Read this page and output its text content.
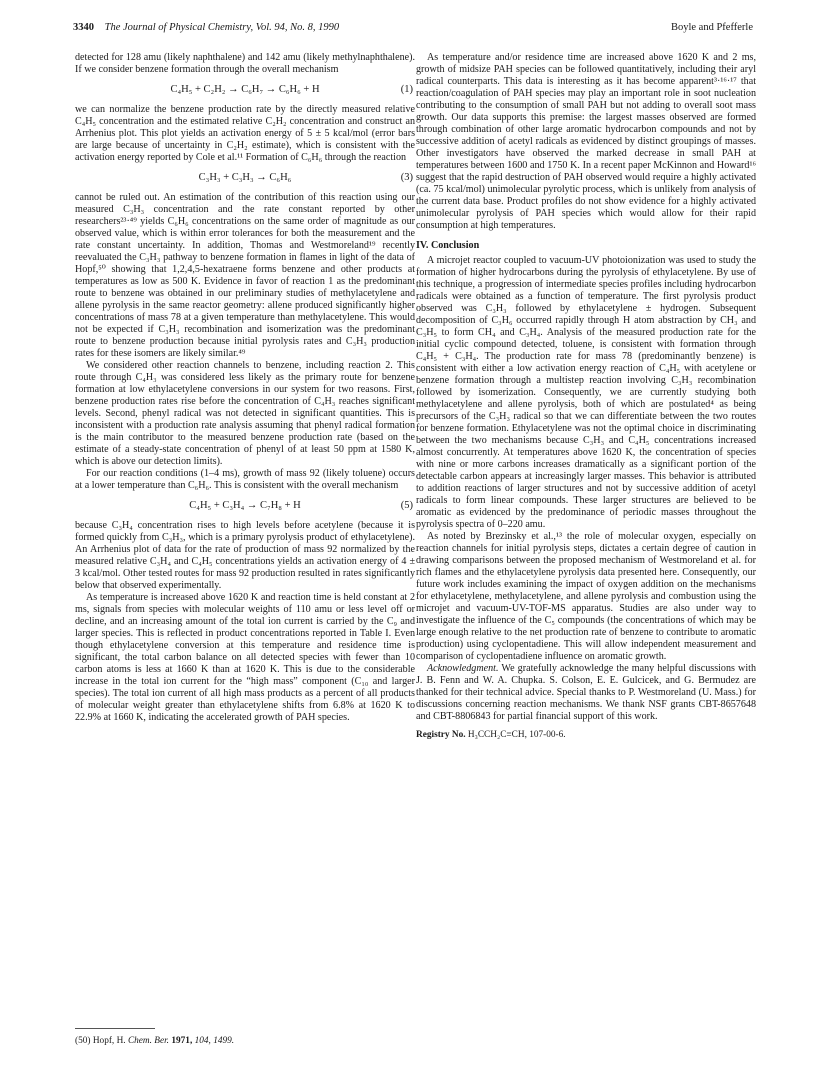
3340 The Journal of Physical Chemistry, Vol. 94, No. 8, 1990	Boyle and Pfefferle

detected for 128 amu (likely naphthalene) and 142 amu (likely methylnaphthalene). If we consider benzene formation through the overall mechanism

C₄H₅ + C₂H₂ → C₆H₇ → C₆H₆ + H	(1)

we can normalize the benzene production rate by the directly measured relative C₄H₅ concentration and the estimated relative C₂H₂ concentration and construct an Arrhenius plot. This plot yields an activation energy of 5 ± 5 kcal/mol (error bars are large because of uncertainty in C₂H₂ estimate), which is consistent with the activation energy reported by Cole et al.¹¹ Formation of C₆H₆ through the reaction

C₃H₃ + C₃H₃ → C₆H₆	(3)

cannot be ruled out. An estimation of the contribution of this reaction using our measured C₃H₃ concentration and the rate constant reported by other researchers²³·⁴⁹ yields C₆H₆ concentrations on the same order of magnitude as our observed value, which is within error tolerances for both the measurement and the rate constant uncertainty. In addition, Thomas and Westmoreland¹⁹ recently reevaluated the C₃H₃ pathway to benzene formation in flames in light of the data of Hopf,⁵⁰ showing that 1,2,4,5-hexatraene forms benzene and other products at temperatures as low as 500 K. Evidence in favor of reaction 1 as the predominant route to benzene was obtained in our preliminary studies of methylacetylene and allene pyrolysis in the same reactor geometry: allene produced significantly higher concentrations of mass 78 at a given temperature than methylacetylene. This would not be expected if C₃H₃ recombination and isomerization was the predominant route to benzene production because initial pyrolysis rates and C₃H₃ production rates for these isomers are likely similar.⁴⁹

We considered other reaction channels to benzene, including reaction 2. This route through C₄H₃ was considered less likely as the primary route for benzene formation at low ethylacetylene conversions in our system for two reasons. First, benzene production rates rise before the concentration of C₄H₃ reaches significant levels. Second, phenyl radical was not detected in significant quantities. This is inconsistent with a production rate analysis assuming that phenyl radical formation is the main contributor to the measured benzene production rate (based on the estimate of a steady-state concentration of phenyl of at least 50 ppm at 1580 K, which is above our detection limits).

For our reaction conditions (1–4 ms), growth of mass 92 (likely toluene) occurs at a lower temperature than C₆H₆. This is consistent with the overall mechanism

C₄H₅ + C₃H₄ → C₇H₈ + H	(5)

because C₃H₄ concentration rises to high levels before acetylene (because it is formed quickly from C₃H₃, which is a primary pyrolysis product of ethylacetylene). An Arrhenius plot of data for the rate of production of mass 92 normalized by the measured relative C₃H₄ and C₄H₅ concentrations yields an activation energy of 4 ± 3 kcal/mol. Other tested routes for mass 92 production resulted in rates significantly below that observed experimentally.

As temperature is increased above 1620 K and reaction time is held constant at 2 ms, signals from species with molecular weights of 110 amu or less level off or decline, and an increasing amount of the total ion current is carried by the C₉ and larger species. This is reflected in product concentrations reported in Table I. Even though ethylacetylene conversion at this temperature and residence time is significant, the total carbon balance on all detected species with fewer than 10 carbon atoms is less at 1660 K than at 1620 K. This is due to the considerable increase in the total ion current for the “high mass” component (C₁₀ and larger species). The total ion current of all high mass products as a percent of all products of molecular weight greater than ethylacetylene shifts from 6.8% at 1620 K to 22.9% at 1660 K, indicating the accelerated growth of PAH species.

(50) Hopf, H. Chem. Ber. 1971, 104, 1499.

As temperature and/or residence time are increased above 1620 K and 2 ms, growth of midsize PAH species can be followed quantitatively, including their aryl radical counterparts. This data is interesting as it has become apparent³·¹⁶·¹⁷ that reaction/coagulation of PAH species may play an important role in soot nucleation contributing to the consumption of small PAH but not adding to overall soot mass growth. Our data supports this premise: the largest masses observed are formed through combination of other large aromatic hydrocarbon compounds and not by successive addition of acetyl radicals as evidenced by distinct groupings of masses. Other investigators have observed the marked decrease in small PAH at temperatures between 1600 and 1750 K. In a recent paper McKinnon and Howard¹⁶ suggest that the rapid destruction of PAH observed would require a highly activated (ca. 75 kcal/mol) unimolecular pyrolytic process, which is unlikely from analysis of the current data base. Product profiles do not show evidence for a highly activated unimolecular pyrolysis of PAH species which would allow for their rapid consumption at high temperatures.

IV. Conclusion

A microjet reactor coupled to vacuum-UV photoionization was used to study the formation of higher hydrocarbons during the pyrolysis of ethylacetylene. By use of this technique, a progression of intermediate species profiles including hydrocarbon radicals were obtained as a function of temperature. The first pyrolysis product observed was C₃H₃ followed by ethylacetylene ± hydrogen. Subsequent decomposition of C₃H₆ occurred rapidly through H atom abstraction by CH₃ and C₃H₅ to form CH₄ and C₃H₄. Analysis of the measured production rate for the initial cyclic compound detected, toluene, is consistent with formation through C₄H₅ + C₃H₄. The production rate for mass 78 (predominantly benzene) is consistent with either a low activation energy reaction of C₄H₅ with acetylene or benzene formation through a multistep reaction involving C₃H₃ recombination followed by isomerization. Consequently, we are currently studying both methylacetylene and allene pyrolysis, both of which are postulated⁴ as being precursors of the C₃H₃ radical so that we can differentiate between the two routes for benzene formation. Ethylacetylene was not the optimal choice in discriminating between the two mechanisms because C₃H₃ and C₄H₅ concentrations increased almost concurrently. At temperatures above 1620 K, the concentration of species with nine or more carbons increases dramatically as a significant portion of the detectable carbon appears at increasingly larger masses. This behavior is attributed to addition reactions of larger structures and not by successive addition of acetyl radicals to form linear compounds. These larger structures are believed to be aromatic as evidenced by the predominance of periodic masses throughout the pyrolysis spectra of 0–220 amu.

As noted by Brezinsky et al.,¹³ the role of molecular oxygen, especially on reaction channels for initial pyrolysis steps, dictates a certain degree of caution in drawing comparisons between the proposed mechanism of Westmoreland et al. for rich flames and the ethylacetylene pyrolysis data presented here. Consequently, our future work includes examining the impact of oxygen addition on the mechanisms for ethylacetylene, methylacetylene, and allene pyrolysis and combustion using the microjet and vacuum-UV-TOF-MS apparatus. Studies are also under way to investigate the influence of the C₅ compounds (the concentrations of which may be large enough relative to the net production rate of benzene to contribute to aromatic production) using cyclopentadiene. This will allow independent measurement and comparison of cyclopentadiene influence on aromatic growth.

Acknowledgment. We gratefully acknowledge the many helpful discussions with J. B. Fenn and W. A. Chupka. S. Colson, E. E. Gulcicek, and G. Bermudez are thanked for their technical advice. Special thanks to P. Westmoreland (U. Mass.) for discussions concerning reaction mechanisms. We thank NSF grants CBT-8657648 and CBT-8806843 for partial financial support of this work.

Registry No. H₃CCH₂C≡CH, 107-00-6.
